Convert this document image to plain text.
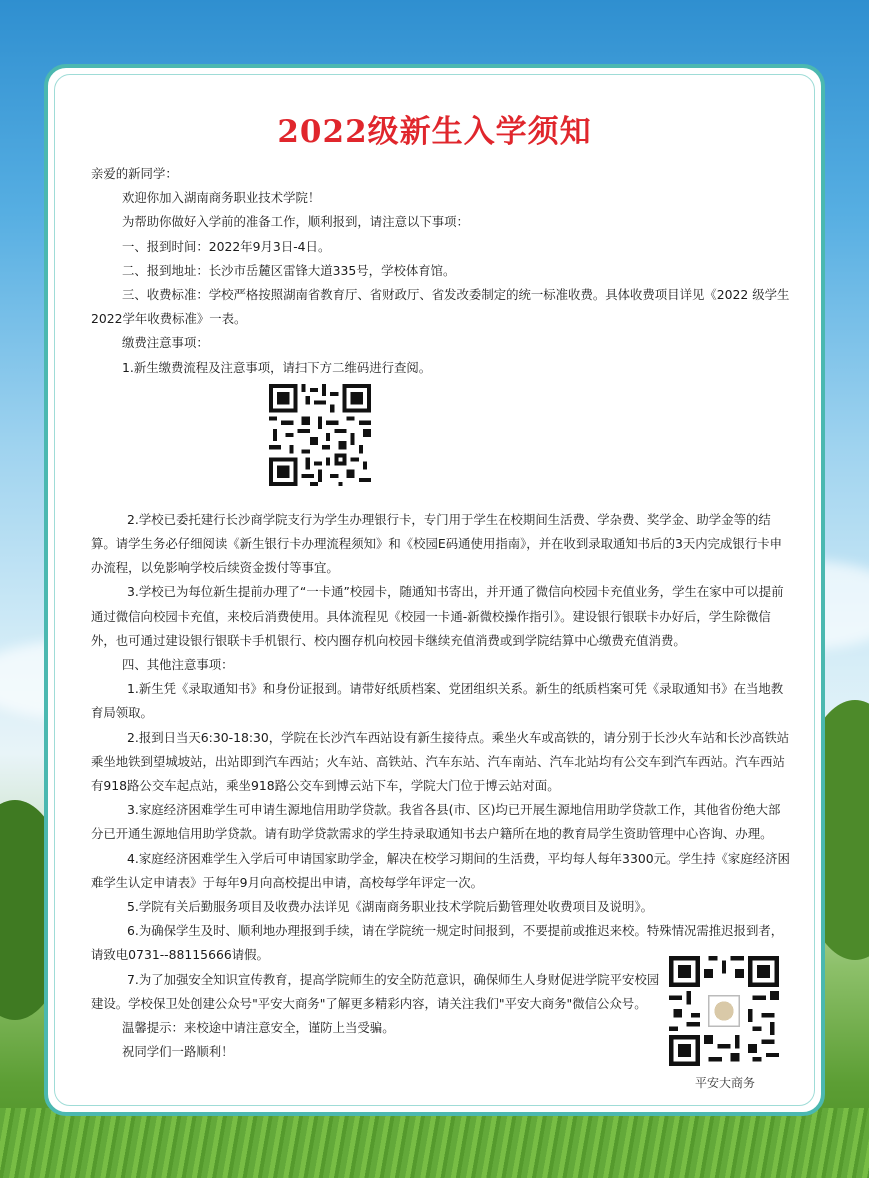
2022级新生入学须知

亲爱的新同学：

欢迎你加入湖南商务职业技术学院！

为帮助你做好入学前的准备工作，顺利报到，请注意以下事项：

一、报到时间：2022年9月3日-4日。

二、报到地址：长沙市岳麓区雷锋大道335号，学校体育馆。

三、收费标准：学校严格按照湖南省教育厅、省财政厅、省发改委制定的统一标准收费。具体收费项目详见《2022 级学生2022学年收费标准》一表。

缴费注意事项：

1.新生缴费流程及注意事项，请扫下方二维码进行查阅。

2.学校已委托建行长沙商学院支行为学生办理银行卡，专门用于学生在校期间生活费、学杂费、奖学金、助学金等的结算。请学生务必仔细阅读《新生银行卡办理流程须知》和《校园E码通使用指南》，并在收到录取通知书后的3天内完成银行卡申办流程，以免影响学校后续资金拨付等事宜。

3.学校已为每位新生提前办理了“一卡通”校园卡，随通知书寄出，并开通了微信向校园卡充值业务，学生在家中可以提前通过微信向校园卡充值，来校后消费使用。具体流程见《校园一卡通-新微校操作指引》。建设银行银联卡办好后，学生除微信外，也可通过建设银行银联卡手机银行、校内圈存机向校园卡继续充值消费或到学院结算中心缴费充值消费。

四、其他注意事项：

1.新生凭《录取通知书》和身份证报到。请带好纸质档案、党团组织关系。新生的纸质档案可凭《录取通知书》在当地教育局领取。

2.报到日当天6:30-18:30，学院在长沙汽车西站设有新生接待点。乘坐火车或高铁的，请分别于长沙火车站和长沙高铁站乘坐地铁到望城坡站，出站即到汽车西站；火车站、高铁站、汽车东站、汽车南站、汽车北站均有公交车到汽车西站。汽车西站有918路公交车起点站，乘坐918路公交车到博云站下车，学院大门位于博云站对面。

3.家庭经济困难学生可申请生源地信用助学贷款。我省各县(市、区)均已开展生源地信用助学贷款工作，其他省份绝大部分已开通生源地信用助学贷款。请有助学贷款需求的学生持录取通知书去户籍所在地的教育局学生资助管理中心咨询、办理。

4.家庭经济困难学生入学后可申请国家助学金，解决在校学习期间的生活费，平均每人每年3300元。学生持《家庭经济困难学生认定申请表》于每年9月向高校提出申请，高校每学年评定一次。

5.学院有关后勤服务项目及收费办法详见《湖南商务职业技术学院后勤管理处收费项目及说明》。

6.为确保学生及时、顺利地办理报到手续，请在学院统一规定时间报到，不要提前或推迟来校。特殊情况需推迟报到者，请致电0731--88115666请假。

7.为了加强安全知识宣传教育，提高学院师生的安全防范意识，确保师生人身财促进学院平安校园建设。学校保卫处创建公众号"平安大商务"了解更多精彩内容，请关注我们"平安大商务"微信公众号。

温馨提示：来校途中请注意安全，谨防上当受骗。

祝同学们一路顺利！

平安大商务
